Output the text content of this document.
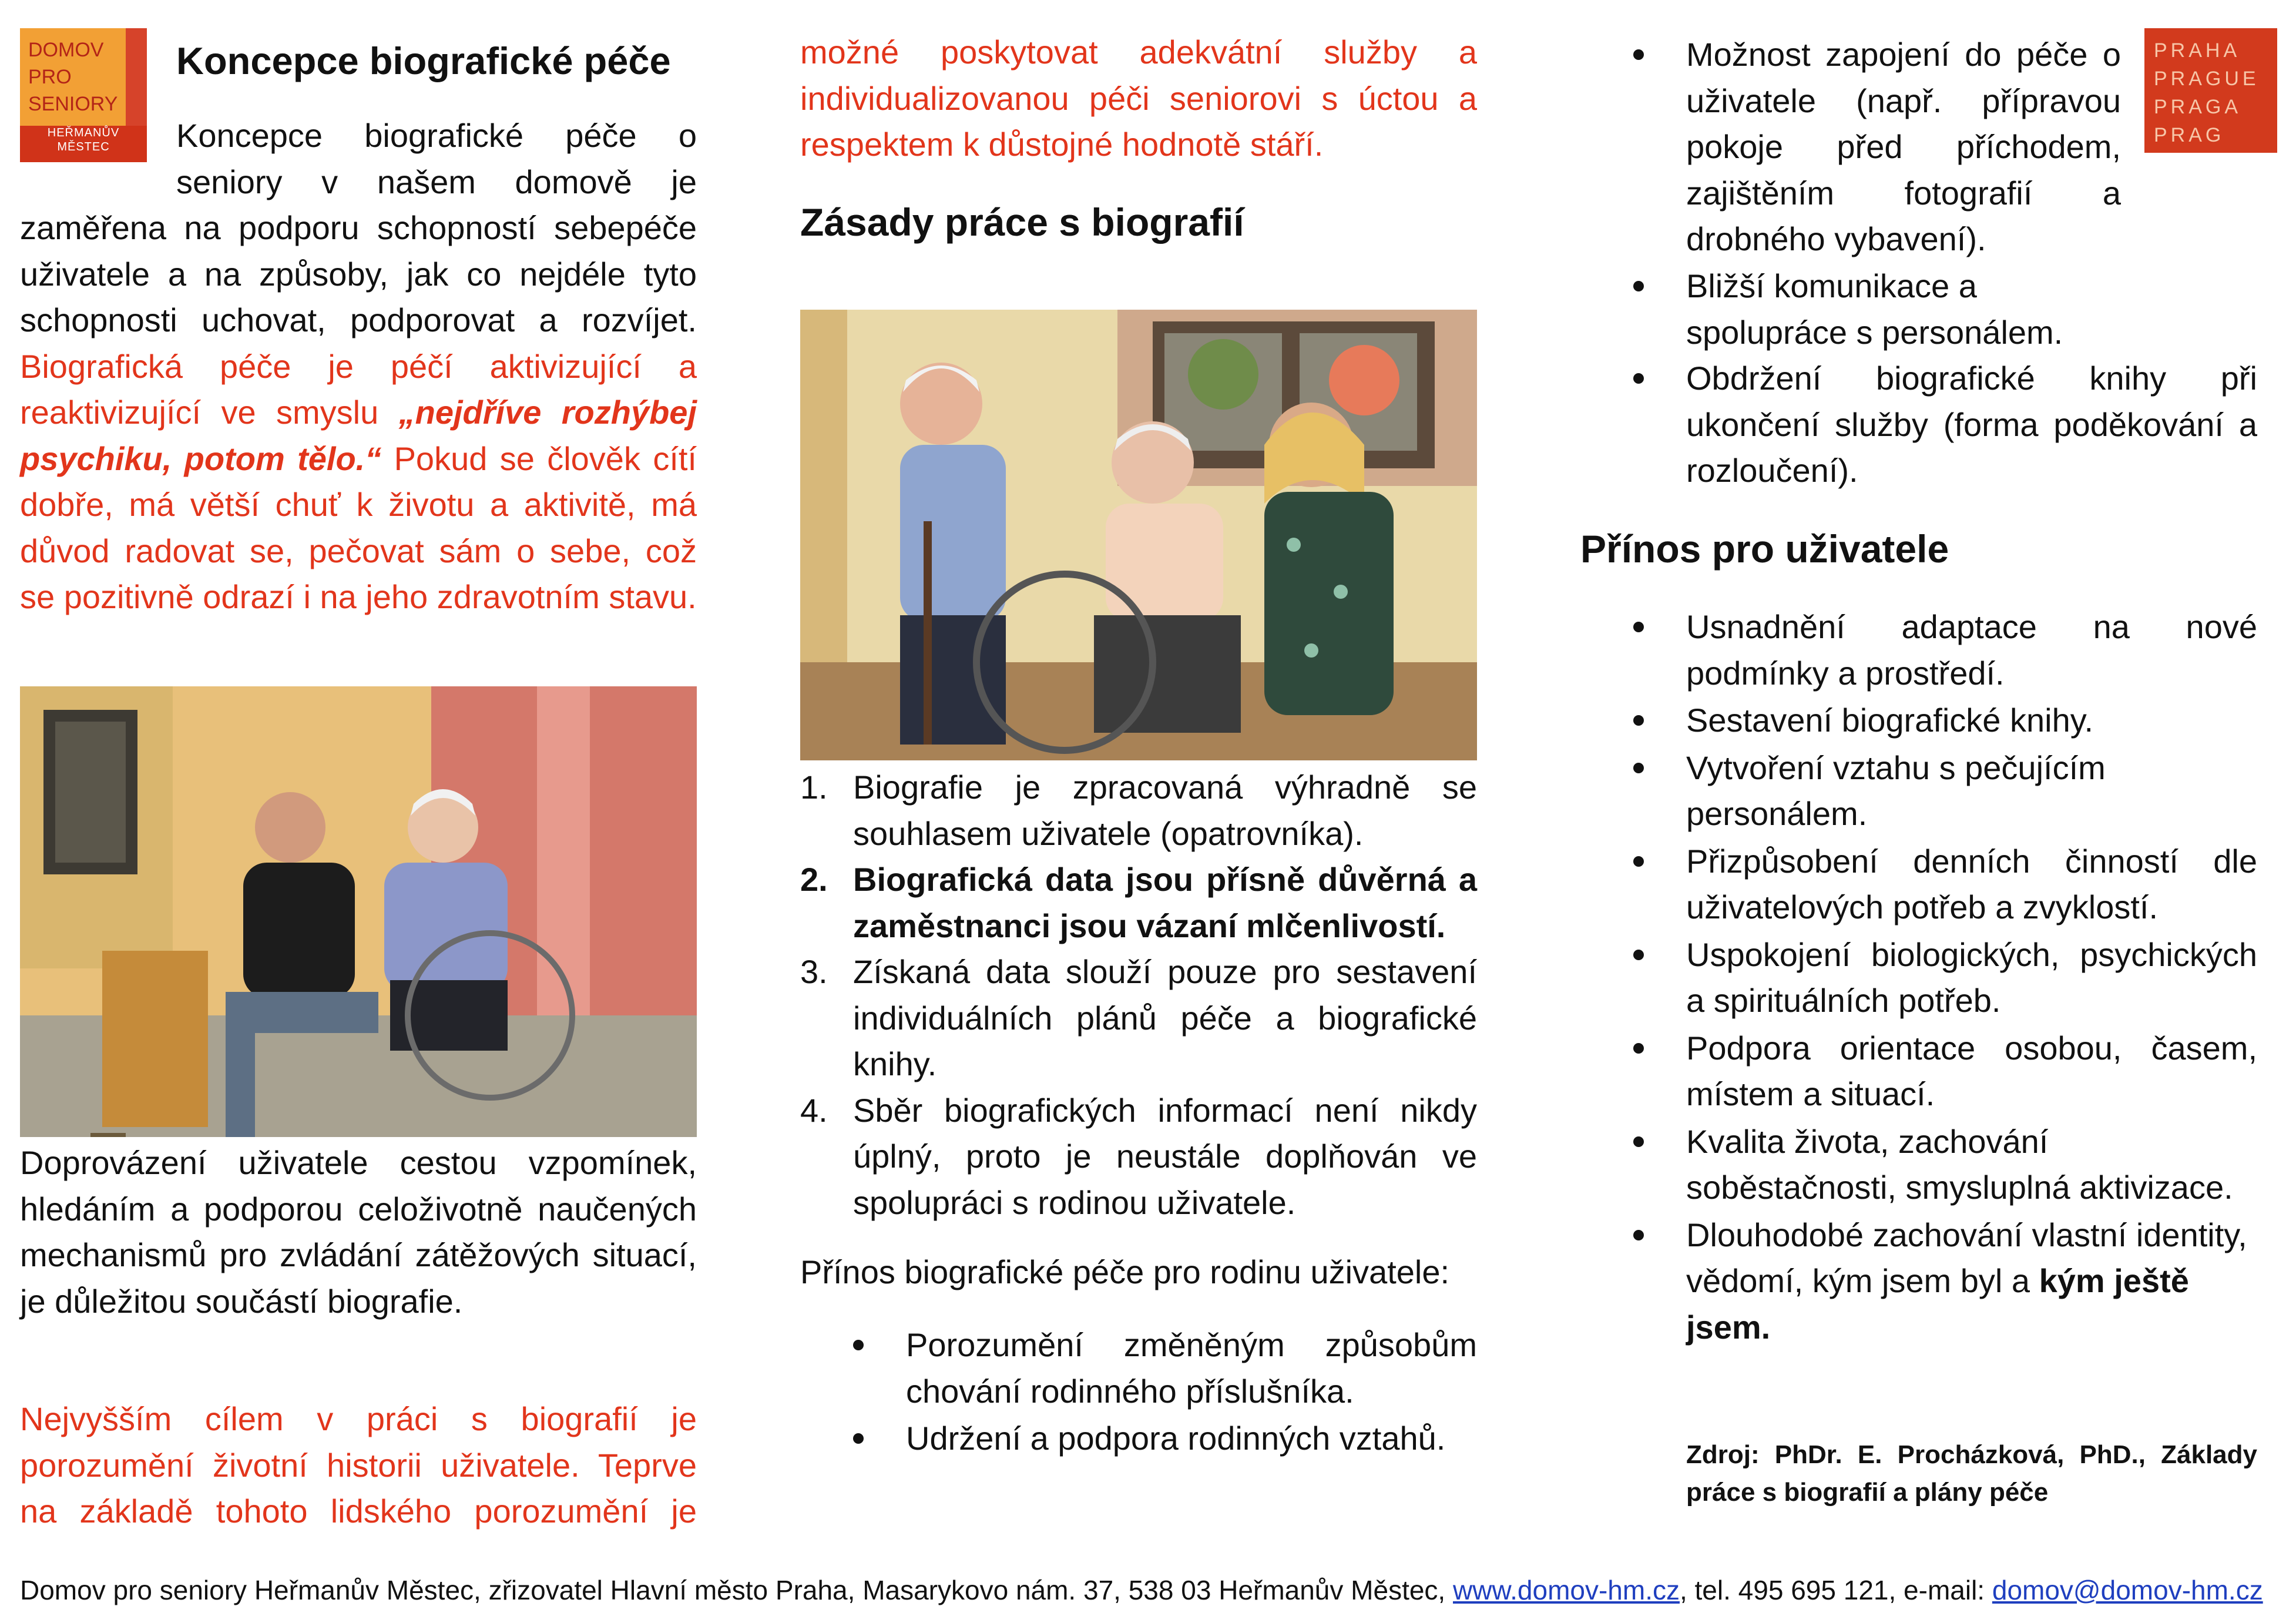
DOMOV
PRO
SENIORY
HEŘMANŮV MĚSTEC
Koncepce biografické péče
Koncepce biografické péče o seniory v našem domově je

zaměřena na podporu schopností sebepéče uživatele a na způsoby, jak co nejdéle tyto schopnosti uchovat, podporovat a rozvíjet. Biografická péče je péčí aktivizující a reaktivizující ve smyslu „nejdříve rozhýbej psychiku, potom tělo.“ Pokud se člověk cítí dobře, má větší chuť k životu a aktivitě, má důvod radovat se, pečovat sám o sebe, což se pozitivně odrazí i na jeho zdravotním stavu.

Doprovázení uživatele cestou vzpomínek, hledáním a podporou celoživotně naučených mechanismů pro zvládání zátěžových situací, je důležitou součástí biografie.

Nejvyšším cílem v práci s biografií je porozumění životní historii uživatele. Teprve na základě tohoto lidského porozumění je

možné poskytovat adekvátní služby a individualizovanou péči seniorovi s úctou a respektem k důstojné hodnotě stáří.

Zásady práce s biografií
1. Biografie je zpracovaná výhradně se souhlasem uživatele (opatrovníka).
2. Biografická data jsou přísně důvěrná a zaměstnanci jsou vázaní mlčenlivostí.
3. Získaná data slouží pouze pro sestavení individuálních plánů péče a biografické knihy.
4. Sběr biografických informací není nikdy úplný, proto je neustále doplňován ve spolupráci s rodinou uživatele.
Přínos biografické péče pro rodinu uživatele:
Porozumění změněným způsobům chování rodinného příslušníka.
Udržení a podpora rodinných vztahů.
PRAHA
PRAGUE
PRAGA
PRAG
Možnost zapojení do péče o uživatele (např. přípravou pokoje před příchodem, zajištěním fotografií a drobného vybavení).
Bližší komunikace a spolupráce s personálem.
Obdržení biografické knihy při ukončení služby (forma poděkování a rozloučení).
Přínos pro uživatele
Usnadnění adaptace na nové podmínky a prostředí.
Sestavení biografické knihy.
Vytvoření vztahu s pečujícím personálem.
Přizpůsobení denních činností dle uživatelových potřeb a zvyklostí.
Uspokojení biologických, psychických a spirituálních potřeb.
Podpora orientace osobou, časem, místem a situací.
Kvalita života, zachování soběstačnosti, smysluplná aktivizace.
Dlouhodobé zachování vlastní identity, vědomí, kým jsem byl a kým ještě jsem.
Zdroj: PhDr. E. Procházková, PhD., Základy práce s biografií a plány péče
Domov pro seniory Heřmanův Městec, zřizovatel Hlavní město Praha, Masarykovo nám. 37, 538 03 Heřmanův Městec, www.domov-hm.cz, tel. 495 695 121, e-mail: domov@domov-hm.cz
